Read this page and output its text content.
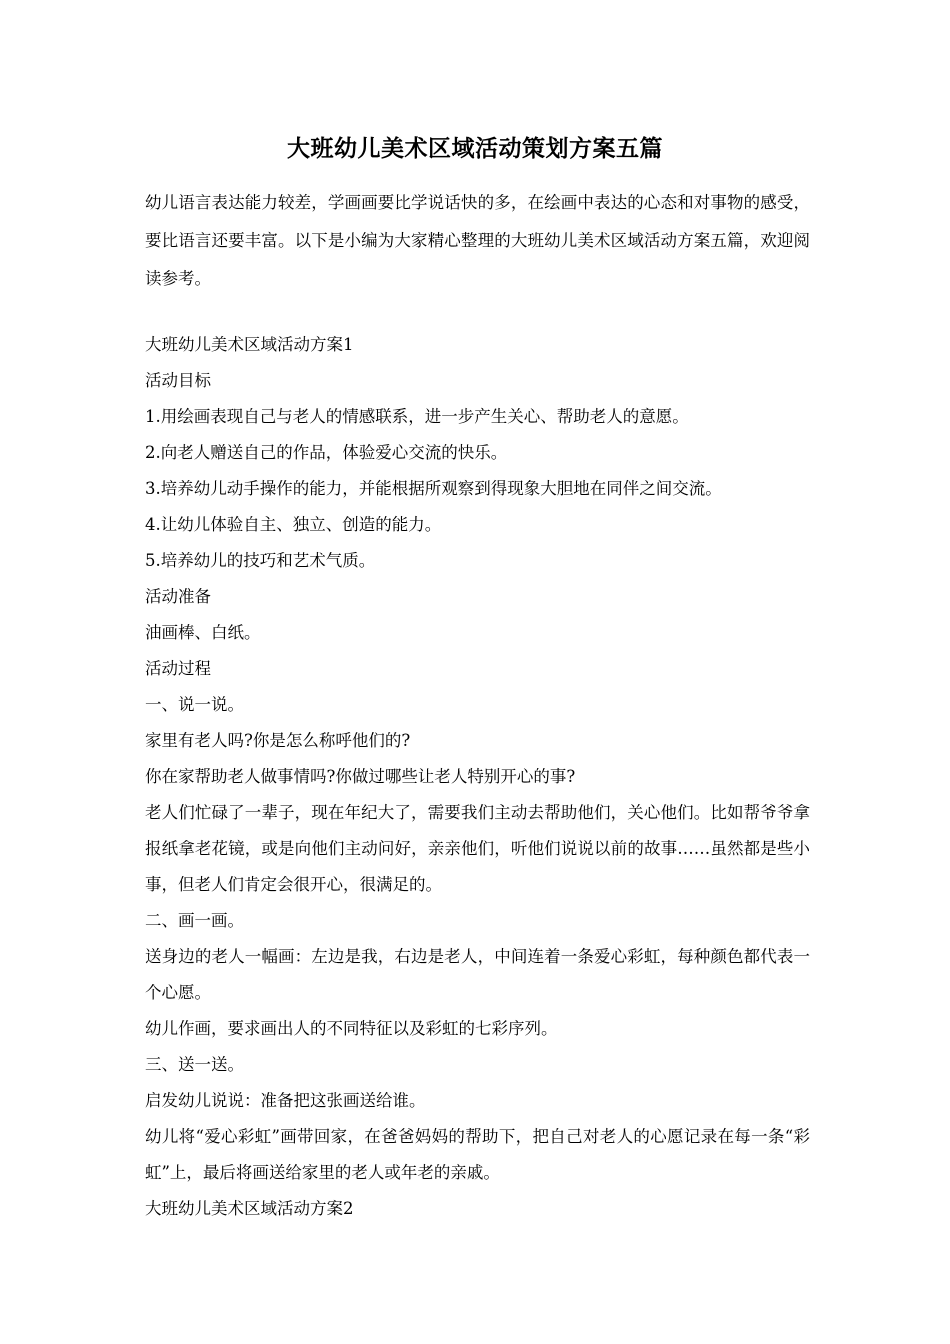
大班幼儿美术区域活动策划方案五篇

幼儿语言表达能力较差，学画画要比学说话快的多，在绘画中表达的心态和对事物的感受，要比语言还要丰富。以下是小编为大家精心整理的大班幼儿美术区域活动方案五篇，欢迎阅读参考。

大班幼儿美术区域活动方案1

活动目标

1.用绘画表现自己与老人的情感联系，进一步产生关心、帮助老人的意愿。

2.向老人赠送自己的作品，体验爱心交流的快乐。

3.培养幼儿动手操作的能力，并能根据所观察到得现象大胆地在同伴之间交流。

4.让幼儿体验自主、独立、创造的能力。

5.培养幼儿的技巧和艺术气质。

活动准备

油画棒、白纸。

活动过程

一、说一说。

家里有老人吗?你是怎么称呼他们的?

你在家帮助老人做事情吗?你做过哪些让老人特别开心的事?

老人们忙碌了一辈子，现在年纪大了，需要我们主动去帮助他们，关心他们。比如帮爷爷拿报纸拿老花镜，或是向他们主动问好，亲亲他们，听他们说说以前的故事……虽然都是些小事，但老人们肯定会很开心，很满足的。

二、画一画。

送身边的老人一幅画：左边是我，右边是老人，中间连着一条爱心彩虹，每种颜色都代表一个心愿。

幼儿作画，要求画出人的不同特征以及彩虹的七彩序列。

三、送一送。

启发幼儿说说：准备把这张画送给谁。

幼儿将“爱心彩虹”画带回家，在爸爸妈妈的帮助下，把自己对老人的心愿记录在每一条“彩虹”上，最后将画送给家里的老人或年老的亲戚。

大班幼儿美术区域活动方案2
